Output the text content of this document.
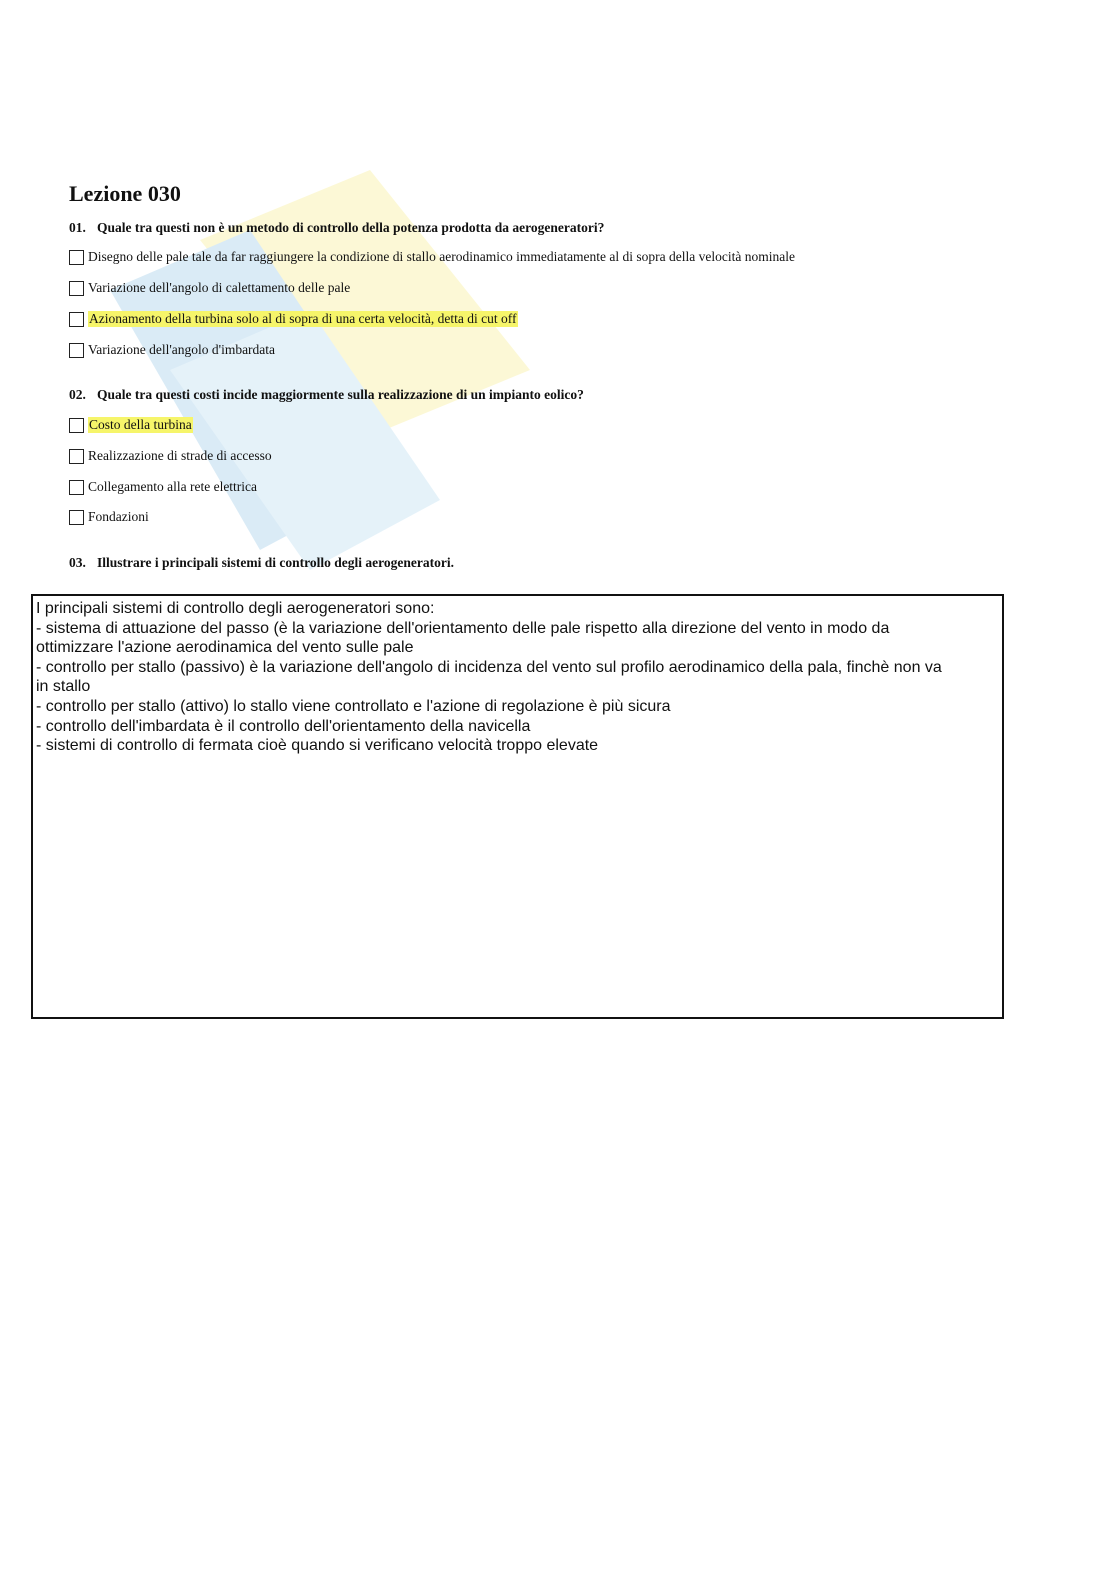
Lezione 030
01. Quale tra questi non è un metodo di controllo della potenza prodotta da aerogeneratori?
Disegno delle pale tale da far raggiungere la condizione di stallo aerodinamico immediatamente al di sopra della velocità nominale
Variazione dell'angolo di calettamento delle pale
Azionamento della turbina solo al di sopra di una certa velocità, detta di cut off
Variazione dell'angolo d'imbardata
02. Quale tra questi costi incide maggiormente sulla realizzazione di un impianto eolico?
Costo della turbina
Realizzazione di strade di accesso
Collegamento alla rete elettrica
Fondazioni
03. Illustrare i principali sistemi di controllo degli aerogeneratori.
I principali sistemi di controllo degli aerogeneratori sono:
- sistema di attuazione del passo (è la variazione dell'orientamento delle pale rispetto alla direzione del vento in modo da
ottimizzare l'azione aerodinamica del vento sulle pale
- controllo per stallo (passivo) è la variazione dell'angolo di incidenza del vento sul profilo aerodinamico della pala, finchè non va
in stallo
- controllo per stallo (attivo) lo stallo viene controllato e l'azione di regolazione è più sicura
- controllo dell'imbardata è il controllo dell'orientamento della navicella
- sistemi di controllo di fermata cioè quando si verificano velocità troppo elevate
